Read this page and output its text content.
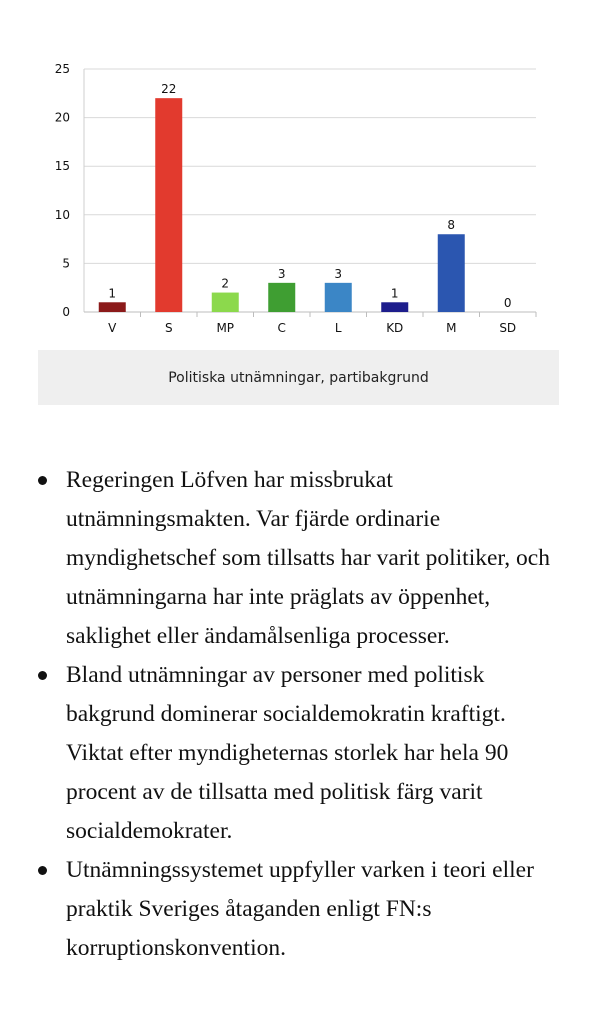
0
5
10
15
20
25
1
V
22
S
2
MP
3
C
3
L
1
KD
8
M
0
SD
Politiska utnämningar, partibakgrund
Regeringen Löfven har missbrukat utnämningsmakten. Var fjärde ordinarie myndighetschef som tillsatts har varit politiker, och utnämningarna har inte präglats av öppenhet, saklighet eller ändamålsenliga processer.
Bland utnämningar av personer med politisk bakgrund dominerar socialdemokratin kraftigt. Viktat efter myndigheternas storlek har hela 90 procent av de tillsatta med politisk färg varit socialdemokrater.
Utnämningssystemet uppfyller varken i teori eller praktik Sveriges åtaganden enligt FN:s korruptionskonvention.
